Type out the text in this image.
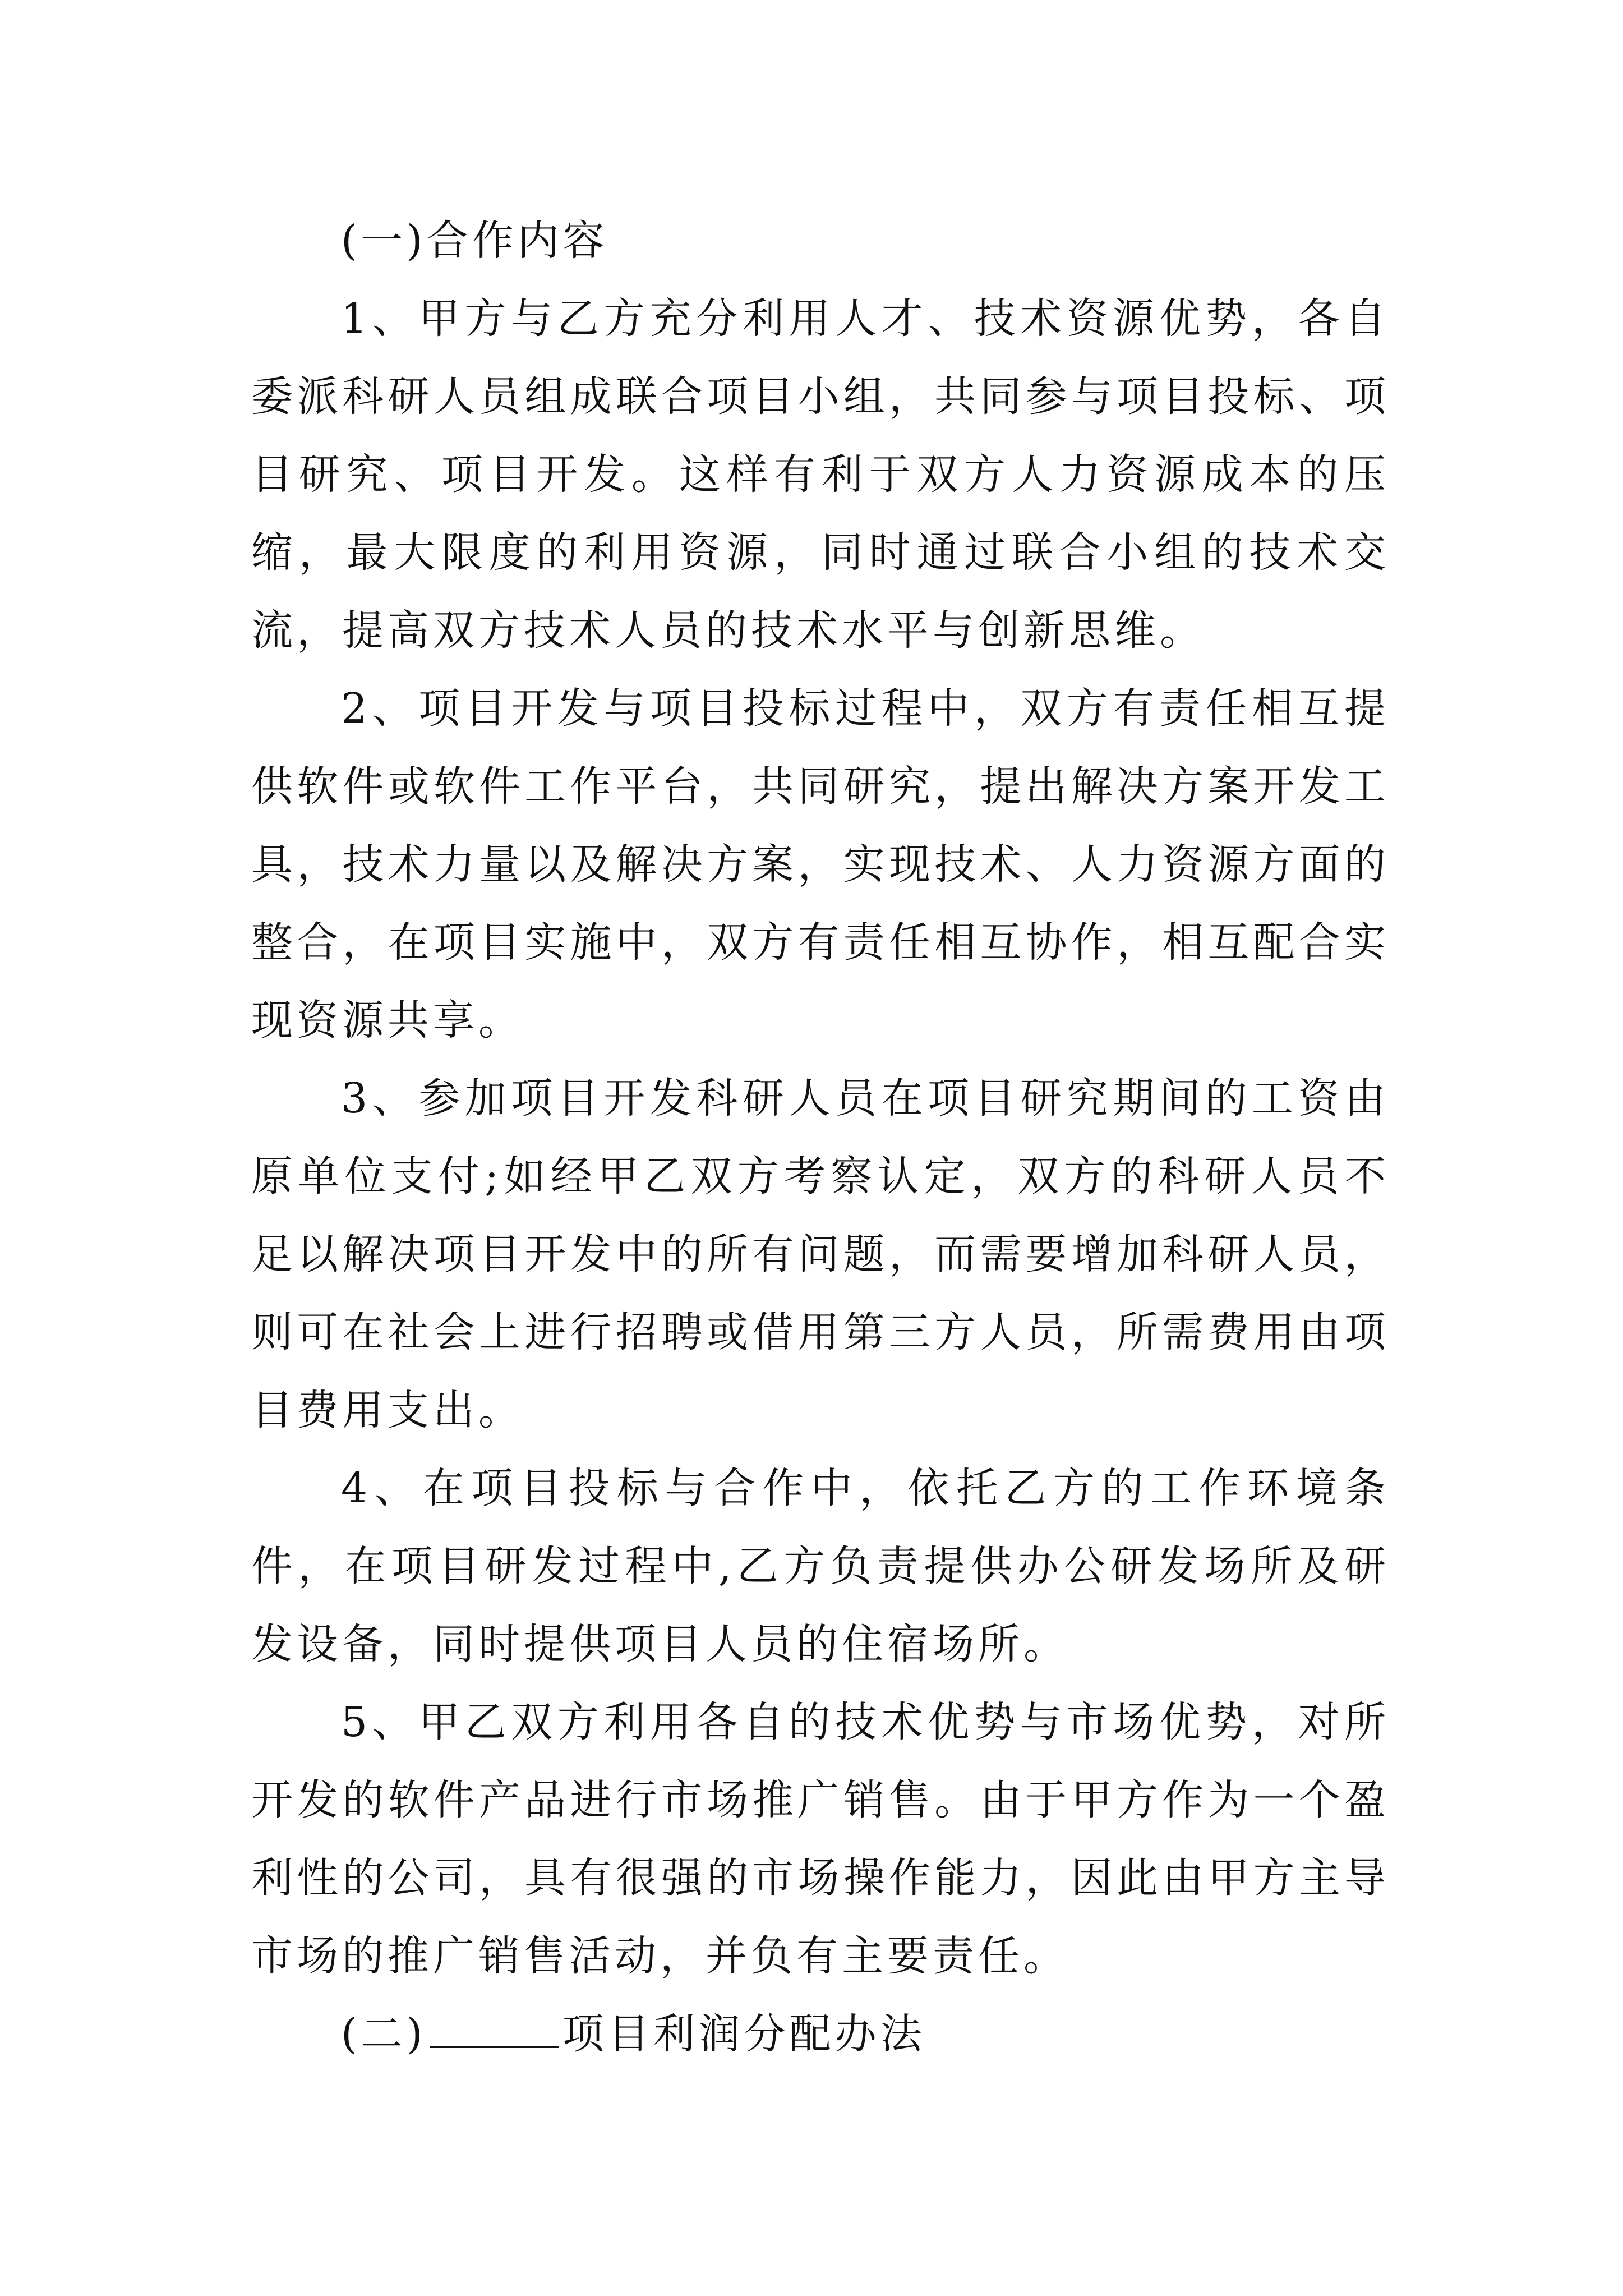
(一)合作内容

1、甲方与乙方充分利用人才、技术资源优势，各自委派科研人员组成联合项目小组，共同参与项目投标、项目研究、项目开发。这样有利于双方人力资源成本的压缩，最大限度的利用资源，同时通过联合小组的技术交流，提高双方技术人员的技术水平与创新思维。

2、项目开发与项目投标过程中，双方有责任相互提供软件或软件工作平台，共同研究，提出解决方案开发工具，技术力量以及解决方案，实现技术、人力资源方面的整合，在项目实施中，双方有责任相互协作，相互配合实现资源共享。

3、参加项目开发科研人员在项目研究期间的工资由原单位支付;如经甲乙双方考察认定，双方的科研人员不足以解决项目开发中的所有问题，而需要增加科研人员，则可在社会上进行招聘或借用第三方人员，所需费用由项目费用支出。

4、在项目投标与合作中，依托乙方的工作环境条件，在项目研发过程中,乙方负责提供办公研发场所及研发设备，同时提供项目人员的住宿场所。

5、甲乙双方利用各自的技术优势与市场优势，对所开发的软件产品进行市场推广销售。由于甲方作为一个盈利性的公司，具有很强的市场操作能力，因此由甲方主导市场的推广销售活动，并负有主要责任。

(二)	项目利润分配办法
